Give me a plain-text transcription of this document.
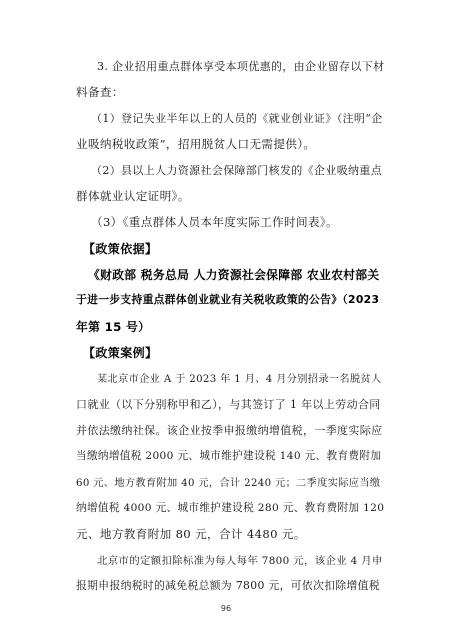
3. 企业招用重点群体享受本项优惠的，由企业留存以下材
料备查：
（1）登记失业半年以上的人员的《就业创业证》（注明“企
业吸纳税收政策”，招用脱贫人口无需提供）。
（2）县以上人力资源社会保障部门核发的《企业吸纳重点
群体就业认定证明》。
（3）《重点群体人员本年度实际工作时间表》。
【政策依据】
《财政部 税务总局 人力资源社会保障部 农业农村部关
于进一步支持重点群体创业就业有关税收政策的公告》（2023
年第 15 号）
【政策案例】
某北京市企业 A 于 2023 年 1 月、4 月分别招录一名脱贫人
口就业（以下分别称甲和乙），与其签订了 1 年以上劳动合同
并依法缴纳社保。该企业按季申报缴纳增值税，一季度实际应
当缴纳增值税 2000 元、城市维护建设税 140 元、教育费附加
60 元、地方教育附加 40 元，合计 2240 元；二季度实际应当缴
纳增值税 4000 元、城市维护建设税 280 元、教育费附加 120
元、地方教育附加 80 元，合计 4480 元。
北京市的定额扣除标准为每人每年 7800 元，该企业 4 月申
报期申报纳税时的减免税总额为 7800 元，可依次扣除增值税
96
